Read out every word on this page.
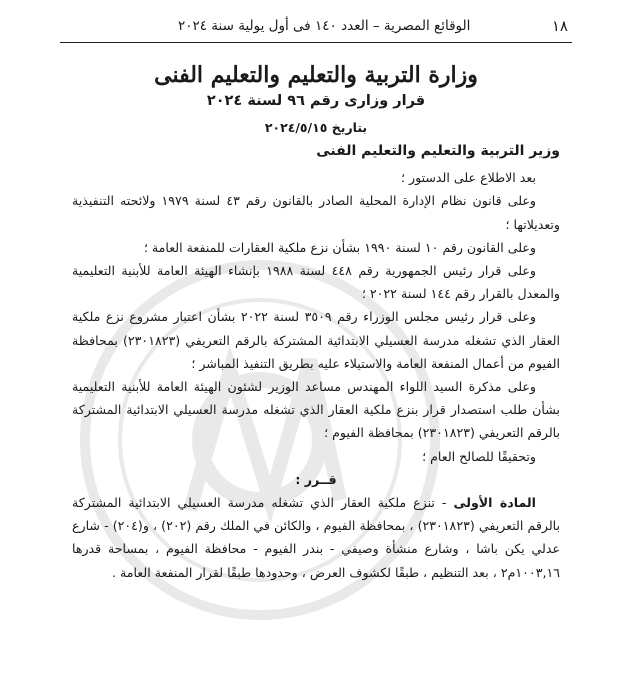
١٨
الوقائع المصرية – العدد ١٤٠ فى أول يولية سنة ٢٠٢٤
وزارة التربية والتعليم والتعليم الفنى
قرار وزارى رقم ٩٦ لسنة ٢٠٢٤
بتاريخ ٢٠٢٤/٥/١٥

وزير التربية والتعليم والتعليم الفنى

بعد الاطلاع على الدستور ؛

وعلى قانون نظام الإدارة المحلية الصادر بالقانون رقم ٤٣ لسنة ١٩٧٩ ولائحته التنفيذية وتعديلاتها ؛

وعلى القانون رقم ١٠ لسنة ١٩٩٠ بشأن نزع ملكية العقارات للمنفعة العامة ؛

وعلى قرار رئيس الجمهورية رقم ٤٤٨ لسنة ١٩٨٨ بإنشاء الهيئة العامة للأبنية التعليمية والمعدل بالقرار رقم ١٤٤ لسنة ٢٠٢٢ ؛

وعلى قرار رئيس مجلس الوزراء رقم ٣٥٠٩ لسنة ٢٠٢٢ بشأن اعتبار مشروع نزع ملكية العقار الذي تشغله مدرسة العسيلي الابتدائية المشتركة بالرقم التعريفي (٢٣٠١٨٢٣) بمحافظة الفيوم من أعمال المنفعة العامة والاستيلاء عليه بطريق التنفيذ المباشر ؛

وعلى مذكرة السيد اللواء المهندس مساعد الوزير لشئون الهيئة العامة للأبنية التعليمية بشأن طلب استصدار قرار بنزع ملكية العقار الذي تشغله مدرسة العسيلي الابتدائية المشتركة بالرقم التعريفي (٢٣٠١٨٢٣) بمحافظة الفيوم ؛

وتحقيقًا للصالح العام ؛

قــرر :

المادة الأولى - تنزع ملكية العقار الذي تشغله مدرسة العسيلي الابتدائية المشتركة بالرقم التعريفي (٢٣٠١٨٢٣) ، بمحافظة الفيوم ، والكائن في الملك رقم (٢٠٢) ، و(٢٠٤) - شارع عدلي يكن باشا ، وشارع منشأة وصيفي - بندر الفيوم - محافظة الفيوم ، بمساحة قدرها ١٠٠٣,١٦م٢ ، بعد التنظيم ، طبقًا لكشوف العرض ، وحدودها طبقًا لقرار المنفعة العامة .
